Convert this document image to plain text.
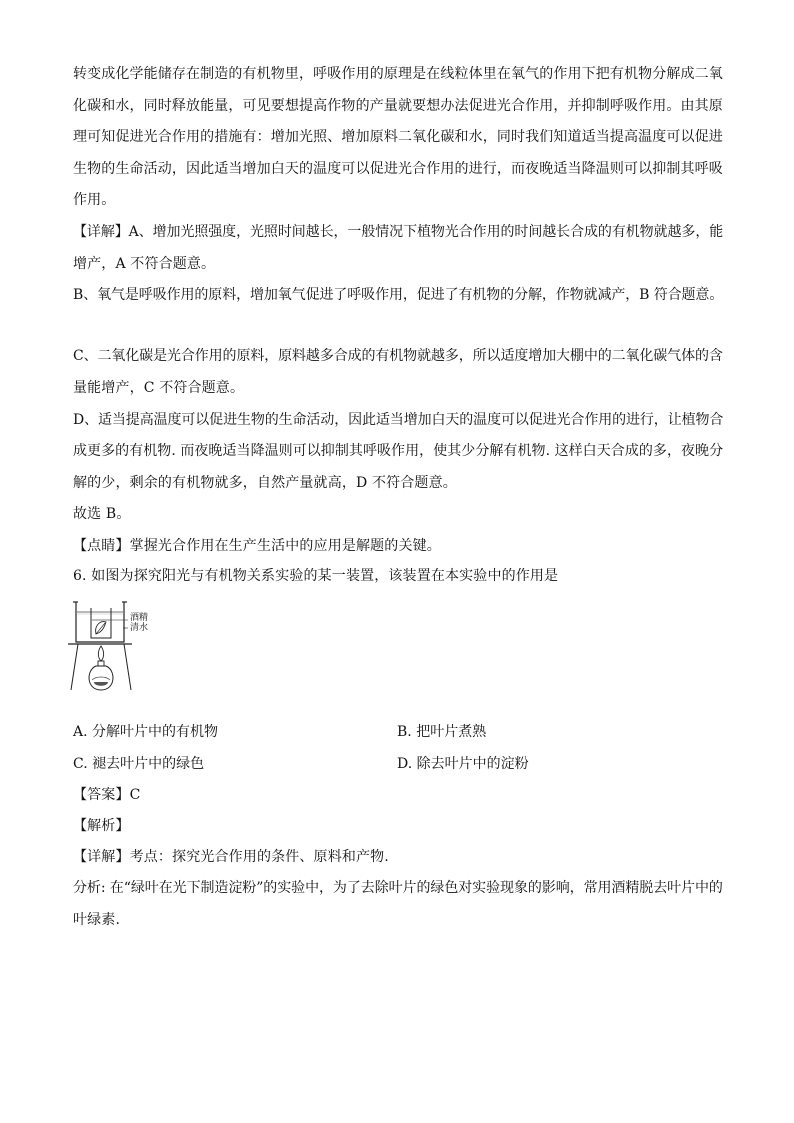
转变成化学能储存在制造的有机物里，呼吸作用的原理是在线粒体里在氧气的作用下把有机物分解成二氧
化碳和水，同时释放能量，可见要想提高作物的产量就要想办法促进光合作用，并抑制呼吸作用。由其原
理可知促进光合作用的措施有：增加光照、增加原料二氧化碳和水，同时我们知道适当提高温度可以促进
生物的生命活动，因此适当增加白天的温度可以促进光合作用的进行，而夜晚适当降温则可以抑制其呼吸
作用。
【详解】A、增加光照强度，光照时间越长，一般情况下植物光合作用的时间越长合成的有机物就越多，能
增产，A 不符合题意。
B、氧气是呼吸作用的原料，增加氧气促进了呼吸作用，促进了有机物的分解，作物就减产，B 符合题意。
C、二氧化碳是光合作用的原料，原料越多合成的有机物就越多，所以适度增加大棚中的二氧化碳气体的含
量能增产，C 不符合题意。
D、适当提高温度可以促进生物的生命活动，因此适当增加白天的温度可以促进光合作用的进行，让植物合
成更多的有机物. 而夜晚适当降温则可以抑制其呼吸作用，使其少分解有机物. 这样白天合成的多，夜晚分
解的少，剩余的有机物就多，自然产量就高，D 不符合题意。
故选 B。
【点睛】掌握光合作用在生产生活中的应用是解题的关键。
6. 如图为探究阳光与有机物关系实验的某一装置，该装置在本实验中的作用是
酒精
清水
A. 分解叶片中的有机物	B. 把叶片煮熟
C. 褪去叶片中的绿色	D. 除去叶片中的淀粉
【答案】C
【解析】
【详解】考点：探究光合作用的条件、原料和产物.
分析: 在“绿叶在光下制造淀粉”的实验中，为了去除叶片的绿色对实验现象的影响，常用酒精脱去叶片中的
叶绿素.
